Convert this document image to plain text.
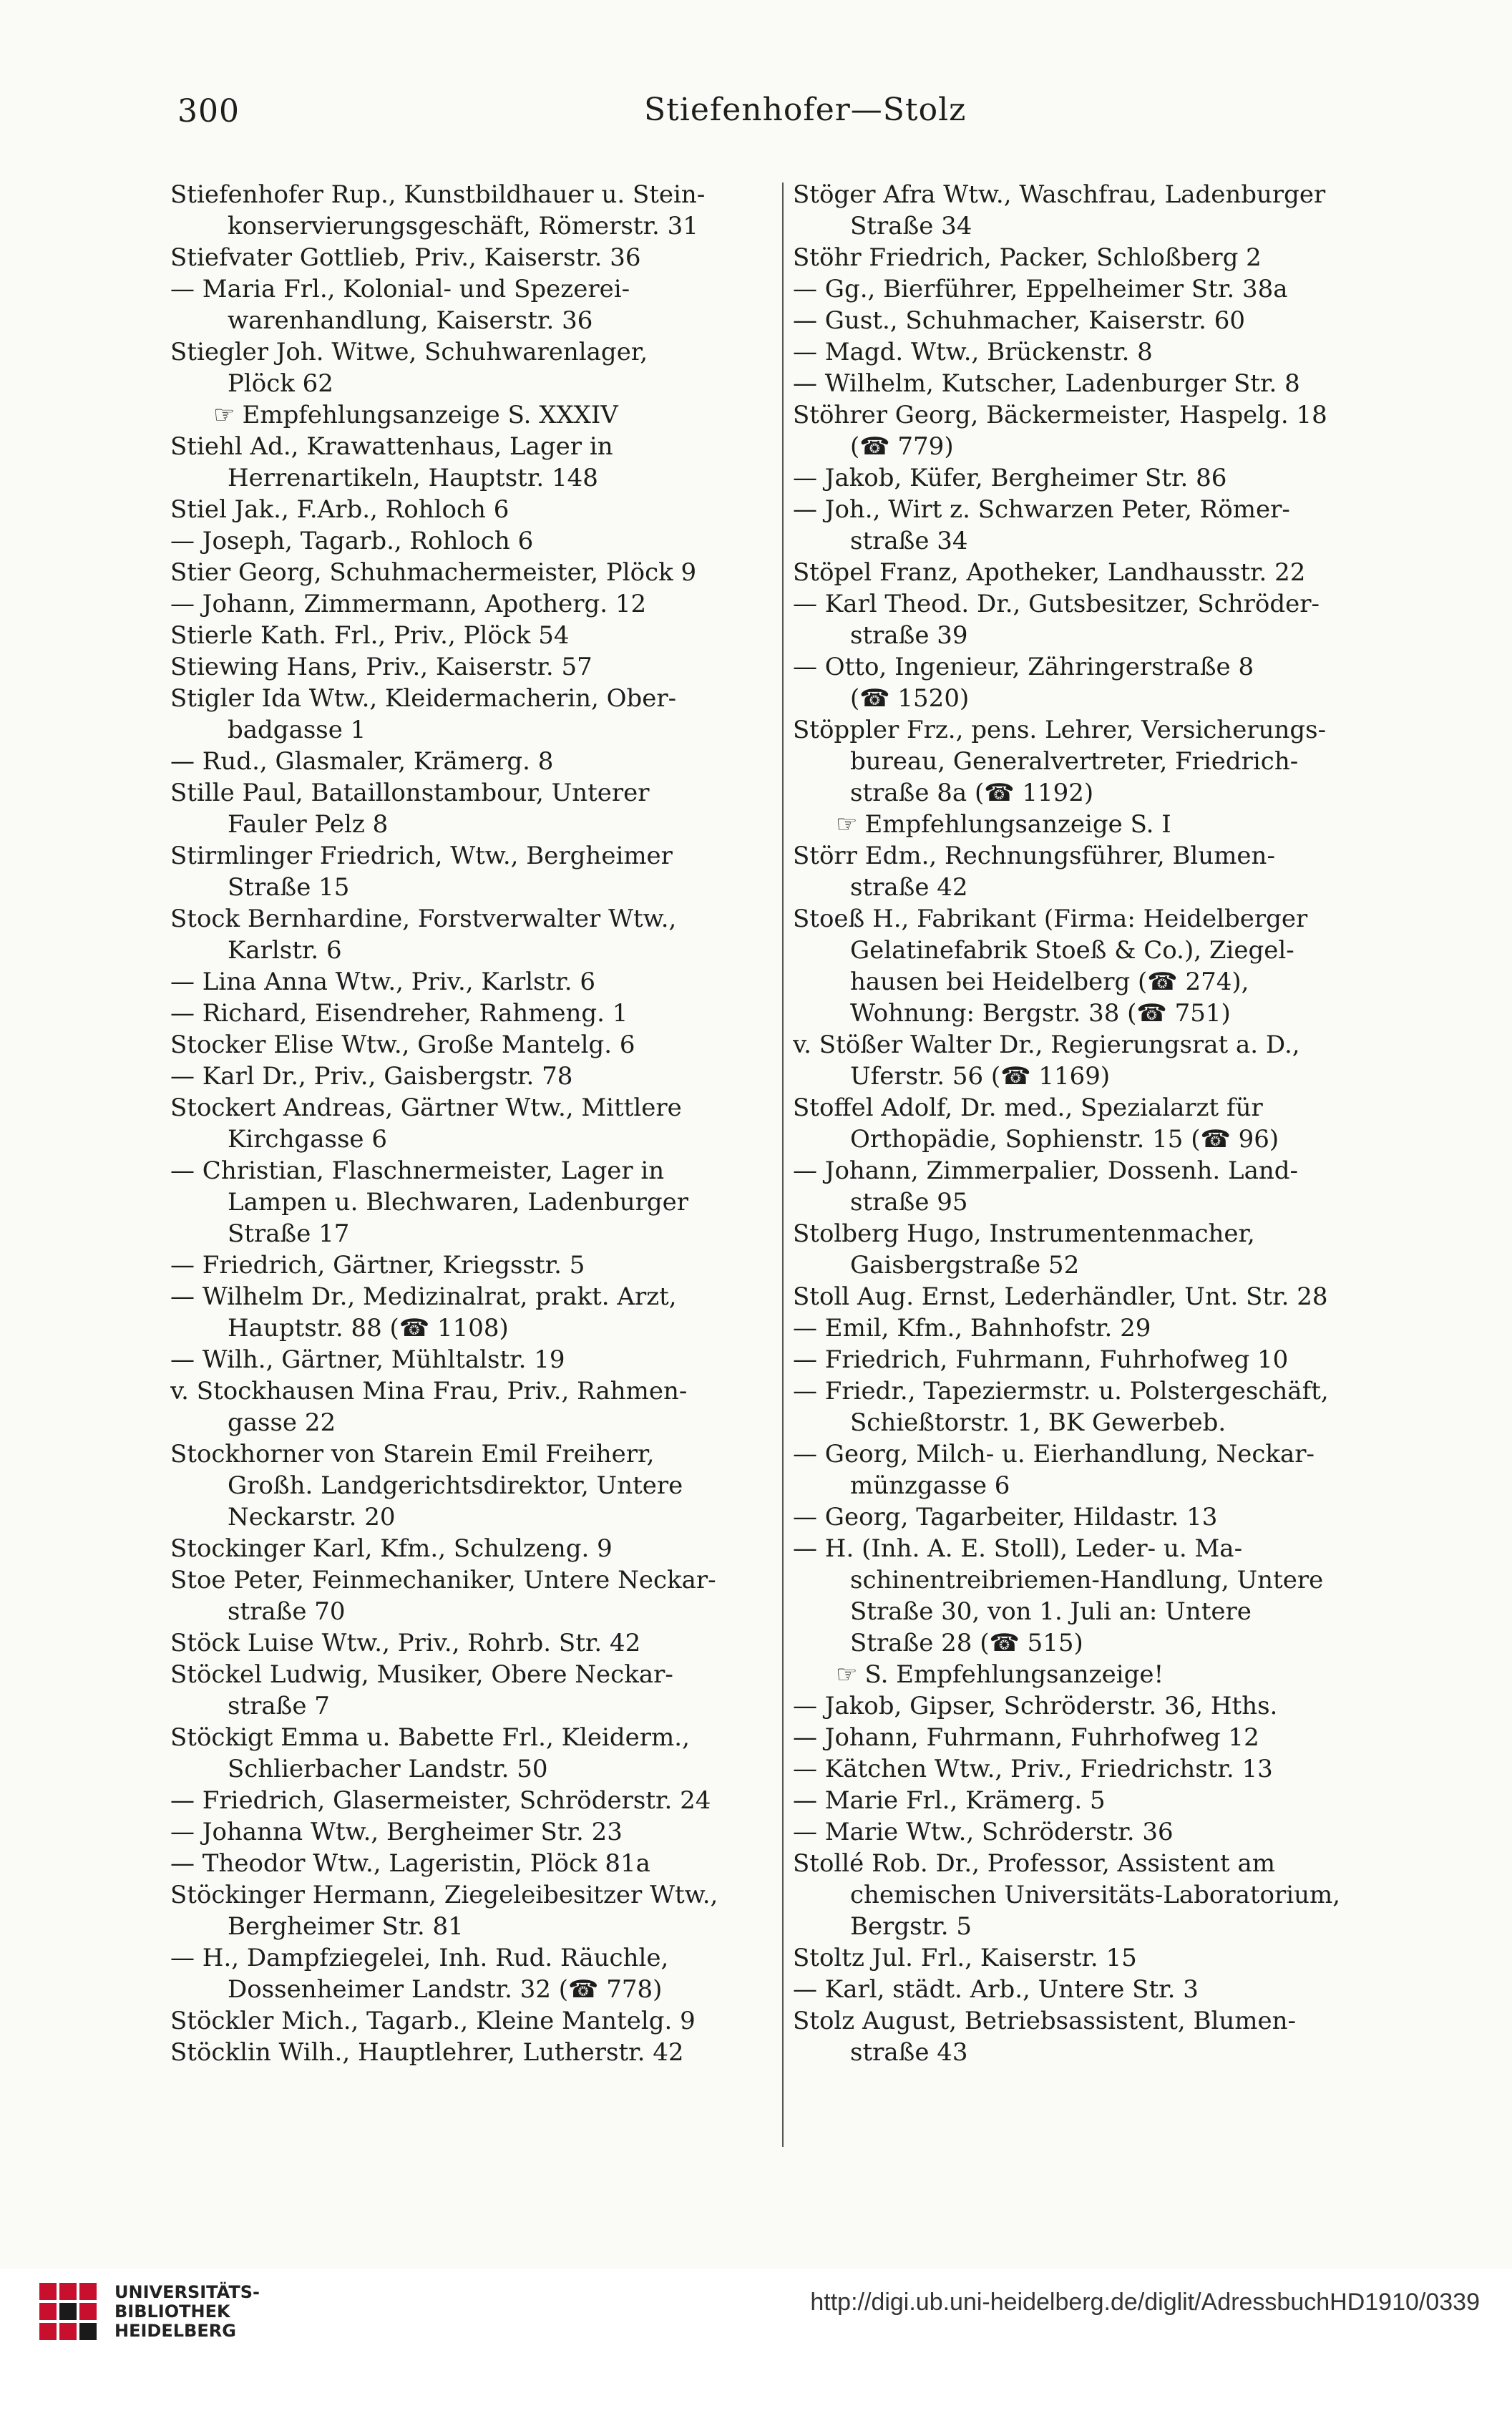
300	Stiefenhofer—Stolz
Stiefenhofer Rup., Kunstbildhauer u. Stein-
konservierungsgeschäft, Römerstr. 31
Stiefvater Gottlieb, Priv., Kaiserstr. 36
— Maria Frl., Kolonial- und Spezerei-
warenhandlung, Kaiserstr. 36
Stiegler Joh. Witwe, Schuhwarenlager,
Plöck 62
☞ Empfehlungsanzeige S. XXXIV
Stiehl Ad., Krawattenhaus, Lager in
Herrenartikeln, Hauptstr. 148
Stiel Jak., F.Arb., Rohloch 6
— Joseph, Tagarb., Rohloch 6
Stier Georg, Schuhmachermeister, Plöck 9
— Johann, Zimmermann, Apotherg. 12
Stierle Kath. Frl., Priv., Plöck 54
Stiewing Hans, Priv., Kaiserstr. 57
Stigler Ida Wtw., Kleidermacherin, Ober-
badgasse 1
— Rud., Glasmaler, Krämerg. 8
Stille Paul, Bataillonstambour, Unterer
Fauler Pelz 8
Stirmlinger Friedrich, Wtw., Bergheimer
Straße 15
Stock Bernhardine, Forstverwalter Wtw.,
Karlstr. 6
— Lina Anna Wtw., Priv., Karlstr. 6
— Richard, Eisendreher, Rahmeng. 1
Stocker Elise Wtw., Große Mantelg. 6
— Karl Dr., Priv., Gaisbergstr. 78
Stockert Andreas, Gärtner Wtw., Mittlere
Kirchgasse 6
— Christian, Flaschnermeister, Lager in
Lampen u. Blechwaren, Ladenburger
Straße 17
— Friedrich, Gärtner, Kriegsstr. 5
— Wilhelm Dr., Medizinalrat, prakt. Arzt,
Hauptstr. 88 (☎ 1108)
— Wilh., Gärtner, Mühltalstr. 19
v. Stockhausen Mina Frau, Priv., Rahmen-
gasse 22
Stockhorner von Starein Emil Freiherr,
Großh. Landgerichtsdirektor, Untere
Neckarstr. 20
Stockinger Karl, Kfm., Schulzeng. 9
Stoe Peter, Feinmechaniker, Untere Neckar-
straße 70
Stöck Luise Wtw., Priv., Rohrb. Str. 42
Stöckel Ludwig, Musiker, Obere Neckar-
straße 7
Stöckigt Emma u. Babette Frl., Kleiderm.,
Schlierbacher Landstr. 50
— Friedrich, Glasermeister, Schröderstr. 24
— Johanna Wtw., Bergheimer Str. 23
— Theodor Wtw., Lageristin, Plöck 81a
Stöckinger Hermann, Ziegeleibesitzer Wtw.,
Bergheimer Str. 81
— H., Dampfziegelei, Inh. Rud. Räuchle,
Dossenheimer Landstr. 32 (☎ 778)
Stöckler Mich., Tagarb., Kleine Mantelg. 9
Stöcklin Wilh., Hauptlehrer, Lutherstr. 42
Stöger Afra Wtw., Waschfrau, Ladenburger
Straße 34
Stöhr Friedrich, Packer, Schloßberg 2
— Gg., Bierführer, Eppelheimer Str. 38a
— Gust., Schuhmacher, Kaiserstr. 60
— Magd. Wtw., Brückenstr. 8
— Wilhelm, Kutscher, Ladenburger Str. 8
Stöhrer Georg, Bäckermeister, Haspelg. 18
(☎ 779)
— Jakob, Küfer, Bergheimer Str. 86
— Joh., Wirt z. Schwarzen Peter, Römer-
straße 34
Stöpel Franz, Apotheker, Landhausstr. 22
— Karl Theod. Dr., Gutsbesitzer, Schröder-
straße 39
— Otto, Ingenieur, Zähringerstraße 8
(☎ 1520)
Stöppler Frz., pens. Lehrer, Versicherungs-
bureau, Generalvertreter, Friedrich-
straße 8a (☎ 1192)
☞ Empfehlungsanzeige S. I
Störr Edm., Rechnungsführer, Blumen-
straße 42
Stoeß H., Fabrikant (Firma: Heidelberger
Gelatinefabrik Stoeß & Co.), Ziegel-
hausen bei Heidelberg (☎ 274),
Wohnung: Bergstr. 38 (☎ 751)
v. Stößer Walter Dr., Regierungsrat a. D.,
Uferstr. 56 (☎ 1169)
Stoffel Adolf, Dr. med., Spezialarzt für
Orthopädie, Sophienstr. 15 (☎ 96)
— Johann, Zimmerpalier, Dossenh. Land-
straße 95
Stolberg Hugo, Instrumentenmacher,
Gaisbergstraße 52
Stoll Aug. Ernst, Lederhändler, Unt. Str. 28
— Emil, Kfm., Bahnhofstr. 29
— Friedrich, Fuhrmann, Fuhrhofweg 10
— Friedr., Tapeziermstr. u. Polstergeschäft,
Schießtorstr. 1, BK Gewerbeb.
— Georg, Milch- u. Eierhandlung, Neckar-
münzgasse 6
— Georg, Tagarbeiter, Hildastr. 13
— H. (Inh. A. E. Stoll), Leder- u. Ma-
schinentreibriemen-Handlung, Untere
Straße 30, von 1. Juli an: Untere
Straße 28 (☎ 515)
☞ S. Empfehlungsanzeige!
— Jakob, Gipser, Schröderstr. 36, Hths.
— Johann, Fuhrmann, Fuhrhofweg 12
— Kätchen Wtw., Priv., Friedrichstr. 13
— Marie Frl., Krämerg. 5
— Marie Wtw., Schröderstr. 36
Stollé Rob. Dr., Professor, Assistent am
chemischen Universitäts-Laboratorium,
Bergstr. 5
Stoltz Jul. Frl., Kaiserstr. 15
— Karl, städt. Arb., Untere Str. 3
Stolz August, Betriebsassistent, Blumen-
straße 43
UNIVERSITÄTS-
BIBLIOTHEK
HEIDELBERG
http://digi.ub.uni-heidelberg.de/diglit/AdressbuchHD1910/0339
